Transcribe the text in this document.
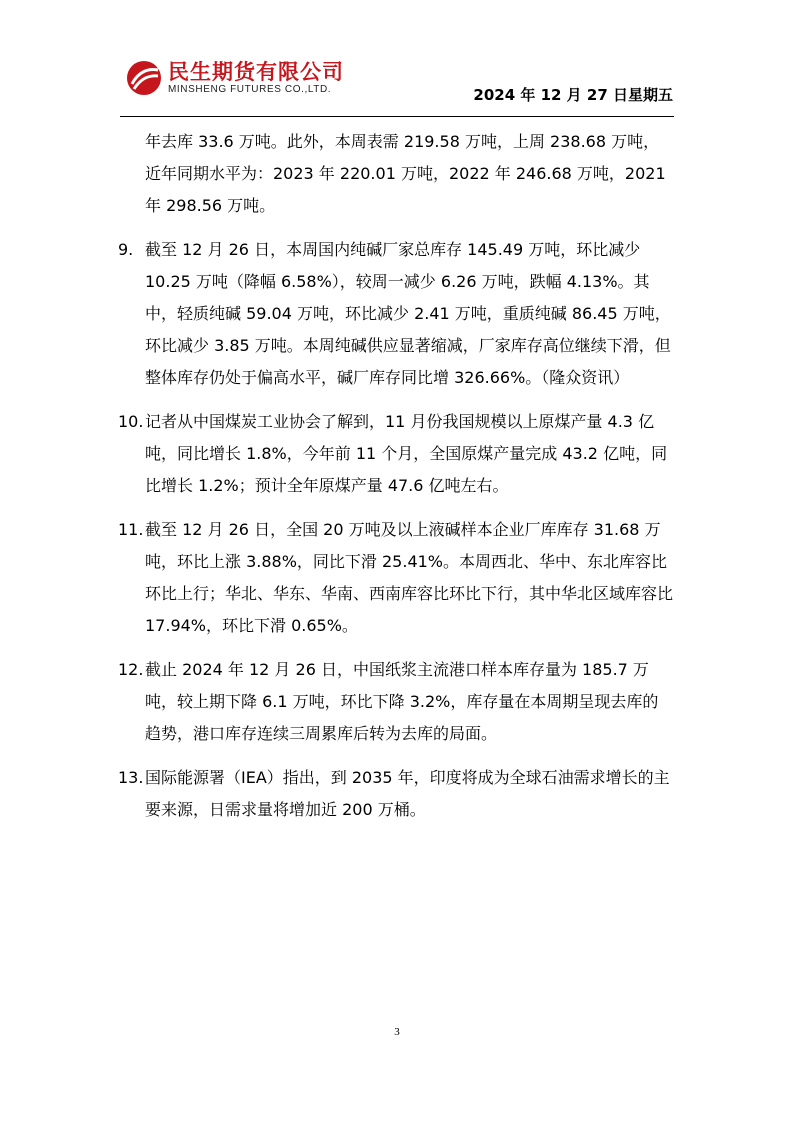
民生期货有限公司
MINSHENG FUTURES CO.,LTD.	2024 年 12 月 27 日星期五
年去库 33.6 万吨。此外，本周表需 219.58 万吨，上周 238.68 万吨，近年同期水平为：2023 年 220.01 万吨，2022 年 246.68 万吨，2021 年 298.56 万吨。
9. 截至 12 月 26 日，本周国内纯碱厂家总库存 145.49 万吨，环比减少 10.25 万吨（降幅 6.58%），较周一减少 6.26 万吨，跌幅 4.13%。其中，轻质纯碱 59.04 万吨，环比减少 2.41 万吨，重质纯碱 86.45 万吨，环比减少 3.85 万吨。本周纯碱供应显著缩减，厂家库存高位继续下滑，但整体库存仍处于偏高水平，碱厂库存同比增 326.66%。（隆众资讯）
10. 记者从中国煤炭工业协会了解到，11 月份我国规模以上原煤产量 4.3 亿吨，同比增长 1.8%，今年前 11 个月，全国原煤产量完成 43.2 亿吨，同比增长 1.2%；预计全年原煤产量 47.6 亿吨左右。
11. 截至 12 月 26 日，全国 20 万吨及以上液碱样本企业厂库库存 31.68 万吨，环比上涨 3.88%，同比下滑 25.41%。本周西北、华中、东北库容比环比上行；华北、华东、华南、西南库容比环比下行，其中华北区域库容比 17.94%，环比下滑 0.65%。
12. 截止 2024 年 12 月 26 日，中国纸浆主流港口样本库存量为 185.7 万吨，较上期下降 6.1 万吨，环比下降 3.2%，库存量在本周期呈现去库的趋势，港口库存连续三周累库后转为去库的局面。
13. 国际能源署（IEA）指出，到 2035 年，印度将成为全球石油需求增长的主要来源，日需求量将增加近 200 万桶。
3
